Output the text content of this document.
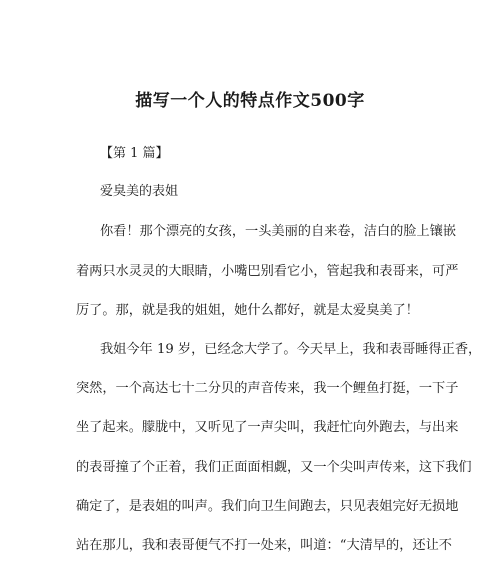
描写一个人的特点作文500字
【第 1 篇】
爱臭美的表姐
你看！那个漂亮的女孩，一头美丽的自来卷，洁白的脸上镶嵌
着两只水灵灵的大眼睛，小嘴巴别看它小，管起我和表哥来，可严
厉了。那，就是我的姐姐，她什么都好，就是太爱臭美了！
我姐今年 19 岁，已经念大学了。今天早上，我和表哥睡得正香，
突然，一个高达七十二分贝的声音传来，我一个鲤鱼打挺，一下子
坐了起来。朦胧中，又听见了一声尖叫，我赶忙向外跑去，与出来
的表哥撞了个正着，我们正面面相觑，又一个尖叫声传来，这下我们
确定了，是表姐的叫声。我们向卫生间跑去，只见表姐完好无损地
站在那儿，我和表哥便气不打一处来，叫道：“大清早的，还让不
